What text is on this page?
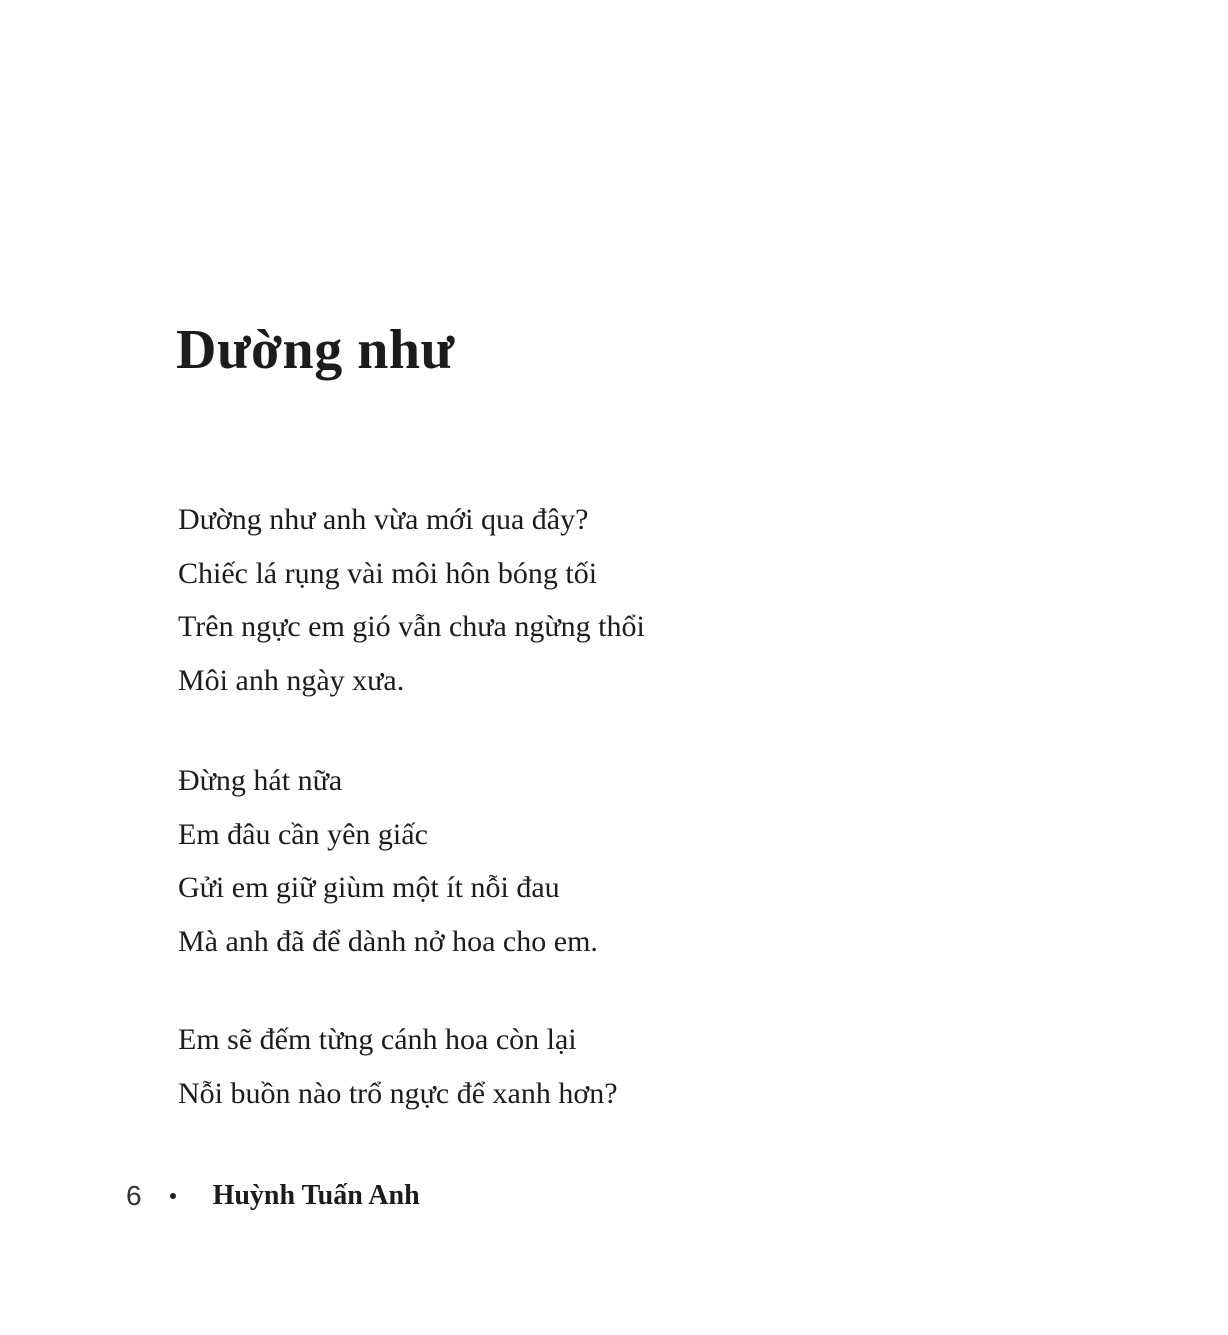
Dường như
Dường như anh vừa mới qua đây?
Chiếc lá rụng vài môi hôn bóng tối
Trên ngực em gió vẫn chưa ngừng thổi
Môi anh ngày xưa.
Đừng hát nữa
Em đâu cần yên giấc
Gửi em giữ giùm một ít nỗi đau
Mà anh đã để dành nở hoa cho em.
Em sẽ đếm từng cánh hoa còn lại
Nỗi buồn nào trổ ngực để xanh hơn?
6	Huỳnh Tuấn Anh
